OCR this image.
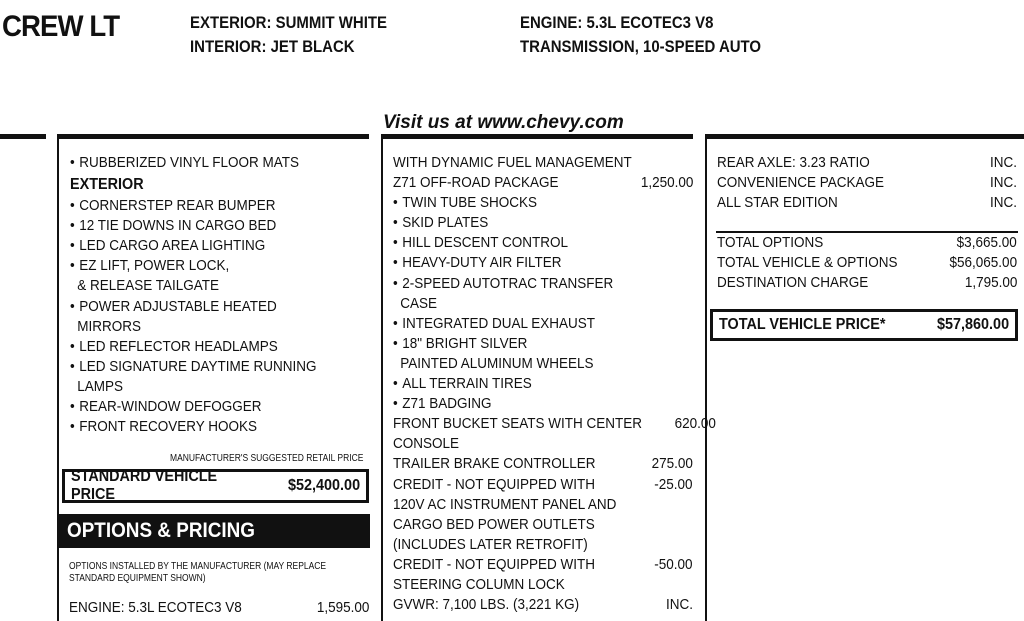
CREW LT	EXTERIOR: SUMMIT WHITE
INTERIOR: JET BLACK
ENGINE: 5.3L ECOTEC3 V8
TRANSMISSION, 10-SPEED AUTO
Visit us at www.chevy.com
• RUBBERIZED VINYL FLOOR MATS
EXTERIOR
• CORNERSTEP REAR BUMPER
• 12 TIE DOWNS IN CARGO BED
• LED CARGO AREA LIGHTING
• EZ LIFT, POWER LOCK,
& RELEASE TAILGATE
• POWER ADJUSTABLE HEATED
MIRRORS
• LED REFLECTOR HEADLAMPS
• LED SIGNATURE DAYTIME RUNNING
LAMPS
• REAR-WINDOW DEFOGGER
• FRONT RECOVERY HOOKS
MANUFACTURER'S SUGGESTED RETAIL PRICE
STANDARD VEHICLE PRICE
$52,400.00
OPTIONS & PRICING
OPTIONS INSTALLED BY THE MANUFACTURER (MAY REPLACE
STANDARD EQUIPMENT SHOWN)
ENGINE: 5.3L ECOTEC3 V8	1,595.00
WITH DYNAMIC FUEL MANAGEMENT
Z71 OFF-ROAD PACKAGE	1,250.00
• TWIN TUBE SHOCKS
• SKID PLATES
• HILL DESCENT CONTROL
• HEAVY-DUTY AIR FILTER
• 2-SPEED AUTOTRAC TRANSFER
CASE
• INTEGRATED DUAL EXHAUST
• 18" BRIGHT SILVER
PAINTED ALUMINUM WHEELS
• ALL TERRAIN TIRES
• Z71 BADGING
FRONT BUCKET SEATS WITH CENTER 620.00
CONSOLE
TRAILER BRAKE CONTROLLER	275.00
CREDIT - NOT EQUIPPED WITH	-25.00
120V AC INSTRUMENT PANEL AND
CARGO BED POWER OUTLETS
(INCLUDES LATER RETROFIT)
CREDIT - NOT EQUIPPED WITH	-50.00
STEERING COLUMN LOCK
GVWR: 7,100 LBS. (3,221 KG)	INC.
REAR AXLE: 3.23 RATIO	INC.
CONVENIENCE PACKAGE	INC.
ALL STAR EDITION	INC.
TOTAL OPTIONS	$3,665.00
TOTAL VEHICLE & OPTIONS	$56,065.00
DESTINATION CHARGE	1,795.00
TOTAL VEHICLE PRICE*	$57,860.00
